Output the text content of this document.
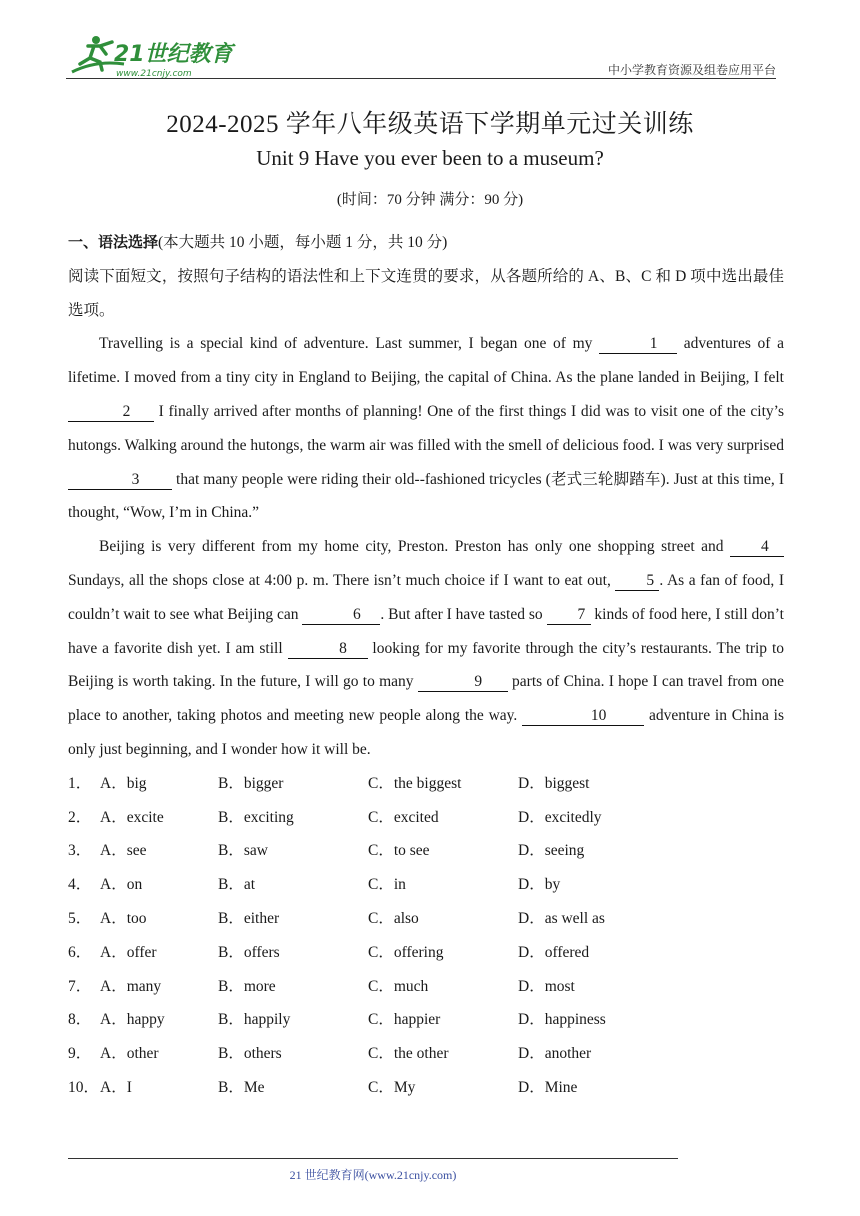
21世纪教育
www.21cnjy.com	中小学教育资源及组卷应用平台
2024-2025 学年八年级英语下学期单元过关训练
Unit 9 Have you ever been to a museum?
(时间：70 分钟 满分：90 分)
一、语法选择(本大题共 10 小题，每小题 1 分，共 10 分)
阅读下面短文，按照句子结构的语法性和上下文连贯的要求，从各题所给的 A、B、C 和 D 项中选出最佳选项。
Travelling is a special kind of adventure. Last summer, I began one of my	1 adventures of a lifetime. I moved from a tiny city in England to Beijing, the capital of China. As the plane landed in Beijing, I felt 2 I finally arrived after months of planning! One of the first things I did was to visit one of the city’s hutongs. Walking around the hutongs, the warm air was filled with the smell of delicious food. I was very surprised 3 that many people were riding their old--fashioned tricycles (老式三轮脚踏车). Just at this time, I thought, “Wow, I’m in China.”
Beijing is very different from my home city, Preston. Preston has only one shopping street and 4 Sundays, all the shops close at 4:00 p. m. There isn’t much choice if I want to eat out, 5 . As a fan of food, I couldn’t wait to see what Beijing can	6 . But after I have tasted so 7 kinds of food here, I still don’t have a favorite dish yet. I am still	8 looking for my favorite through the city’s restaurants. The trip to Beijing is worth taking. In the future, I will go to many	9 parts of China. I hope I can travel from one place to another, taking photos and meeting new people along the way.	10 adventure in China is only just beginning, and I wonder how it will be.
1． A．big	B．bigger	C．the biggest	D．biggest
2． A．excite	B．exciting	C．excited	D．excitedly
3． A．see	B．saw	C．to see	D．seeing
4． A．on	B．at	C．in	D．by
5． A．too	B．either	C．also	D．as well as
6． A．offer	B．offers	C．offering	D．offered
7． A．many	B．more	C．much	D．most
8． A．happy	B．happily	C．happier	D．happiness
9． A．other	B．others	C．the other	D．another
10． A．I	B．Me	C．My	D．Mine
21 世纪教育网(www.21cnjy.com)
